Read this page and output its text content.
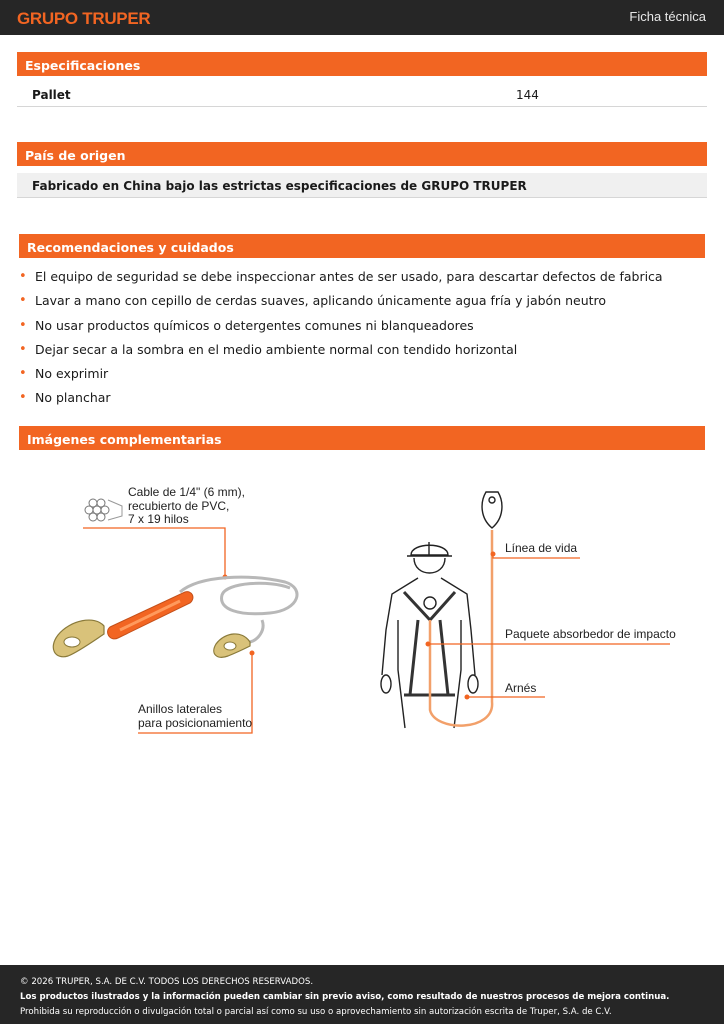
GRUPO TRUPER	Ficha técnica
Especificaciones
Pallet	144
País de origen
Fabricado en China bajo las estrictas especificaciones de GRUPO TRUPER
Recomendaciones y cuidados
• El equipo de seguridad se debe inspeccionar antes de ser usado, para descartar defectos de fabrica
• Lavar a mano con cepillo de cerdas suaves, aplicando únicamente agua fría y jabón neutro
• No usar productos químicos o detergentes comunes ni blanqueadores
• Dejar secar a la sombra en el medio ambiente normal con tendido horizontal
• No exprimir
• No planchar
Imágenes complementarias
Cable de 1/4" (6 mm),
recubierto de PVC,
7 x 19 hilos
Anillos laterales
para posicionamiento
Línea de vida
Paquete absorbedor de impacto
Arnés
© 2026 TRUPER, S.A. DE C.V. TODOS LOS DERECHOS RESERVADOS.
Los productos ilustrados y la información pueden cambiar sin previo aviso, como resultado de nuestros procesos de mejora continua.
Prohibida su reproducción o divulgación total o parcial así como su uso o aprovechamiento sin autorización escrita de Truper, S.A. de C.V.
